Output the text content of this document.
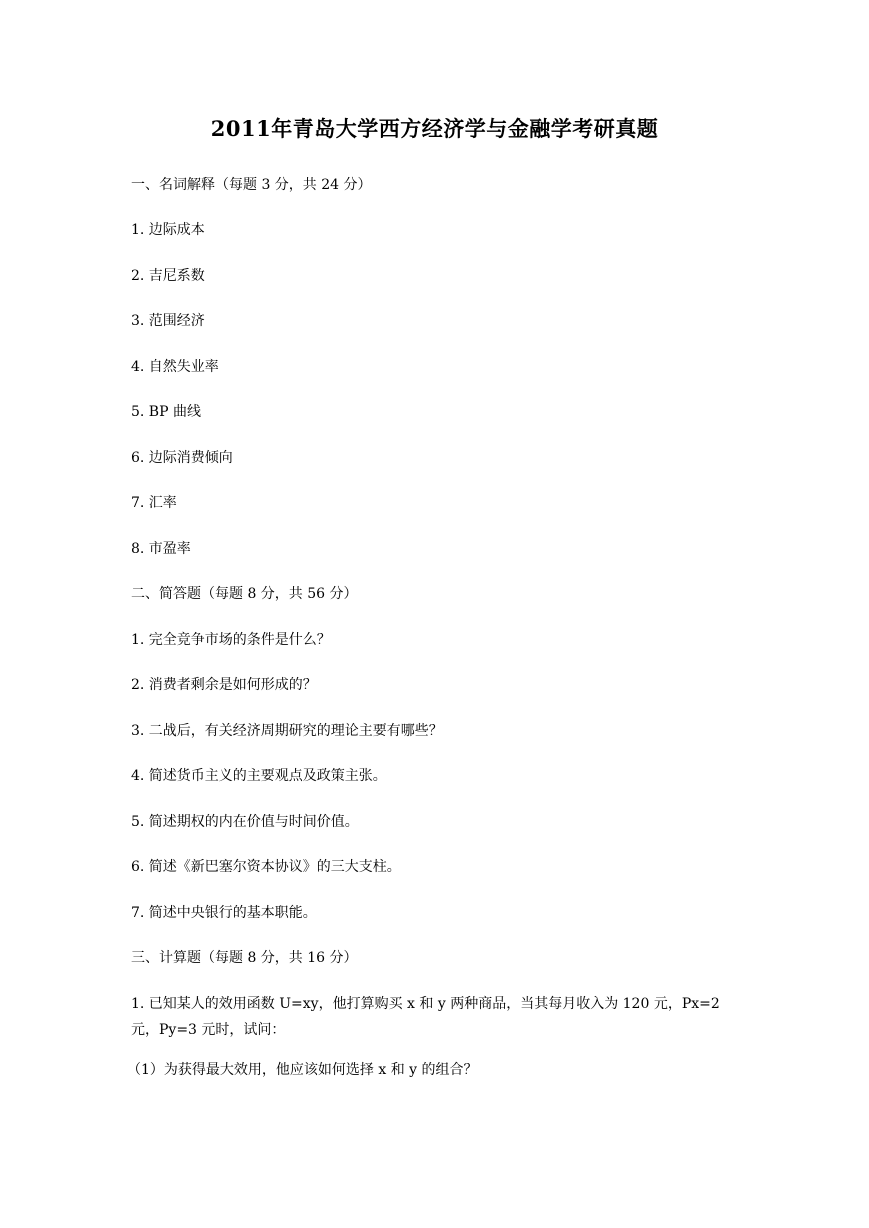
2011年青岛大学西方经济学与金融学考研真题
一、名词解释（每题 3 分，共 24 分）
1. 边际成本
2. 吉尼系数
3. 范围经济
4. 自然失业率
5. BP 曲线
6. 边际消费倾向
7. 汇率
8. 市盈率
二、简答题（每题 8 分，共 56 分）
1. 完全竞争市场的条件是什么？
2. 消费者剩余是如何形成的？
3. 二战后，有关经济周期研究的理论主要有哪些？
4. 简述货币主义的主要观点及政策主张。
5. 简述期权的内在价值与时间价值。
6. 简述《新巴塞尔资本协议》的三大支柱。
7. 简述中央银行的基本职能。
三、计算题（每题 8 分，共 16 分）
1. 已知某人的效用函数 U=xy，他打算购买 x 和 y 两种商品，当其每月收入为 120 元，Px=2 元，Py=3 元时，试问：
（1）为获得最大效用，他应该如何选择 x 和 y 的组合？
